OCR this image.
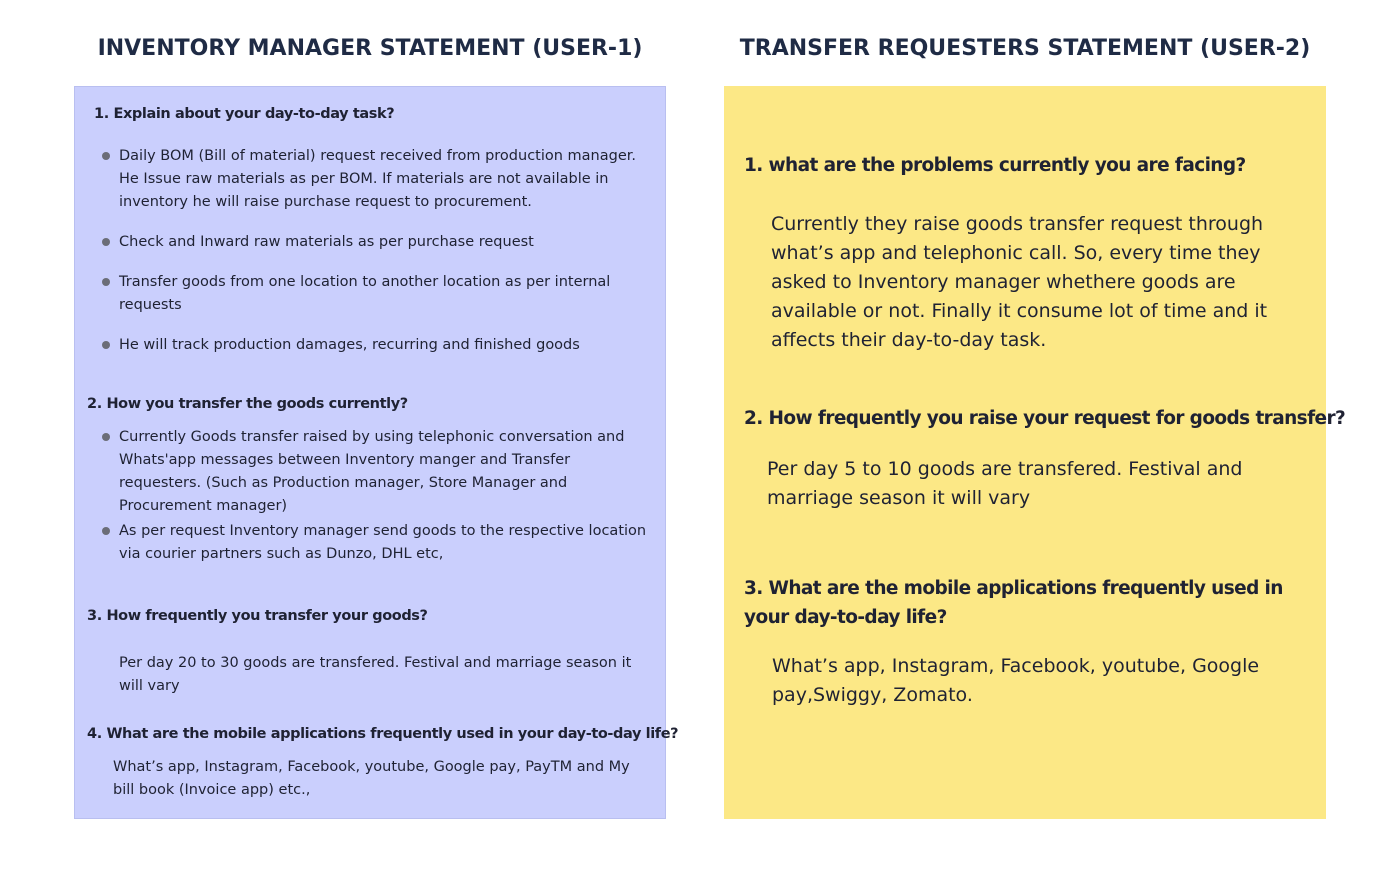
INVENTORY MANAGER STATEMENT (USER-1)	TRANSFER REQUESTERS STATEMENT (USER-2)

1. Explain about your day-to-day task?

Daily BOM (Bill of material) request received from production manager. He Issue raw materials as per BOM. If materials are not available in inventory he will raise purchase request to procurement.
Check and Inward raw materials as per purchase request
Transfer goods from one location to another location as per internal requests
He will track production damages, recurring and finished goods

2. How you transfer the goods currently?

Currently Goods transfer raised by using telephonic conversation and Whats'app messages between Inventory manger and Transfer requesters. (Such as Production manager, Store Manager and Procurement manager)
As per request Inventory manager send goods to the respective location via courier partners such as Dunzo, DHL etc,

3. How frequently you transfer your goods?

Per day 20 to 30 goods are transfered. Festival and marriage season it will vary

4. What are the mobile applications frequently used in your day-to-day life?

What’s app, Instagram, Facebook, youtube, Google pay, PayTM and My bill book (Invoice app) etc.,

1. what are the problems currently you are facing?

Currently they raise goods transfer request through what’s app and telephonic call. So, every time they asked to Inventory manager whethere goods are available or not. Finally it consume lot of time and it affects their day-to-day task.

2. How frequently you raise your request for goods transfer?

Per day 5 to 10 goods are transfered. Festival and marriage season it will vary

3. What are the mobile applications frequently used in your day-to-day life?

What’s app, Instagram, Facebook, youtube, Google pay,Swiggy, Zomato.
